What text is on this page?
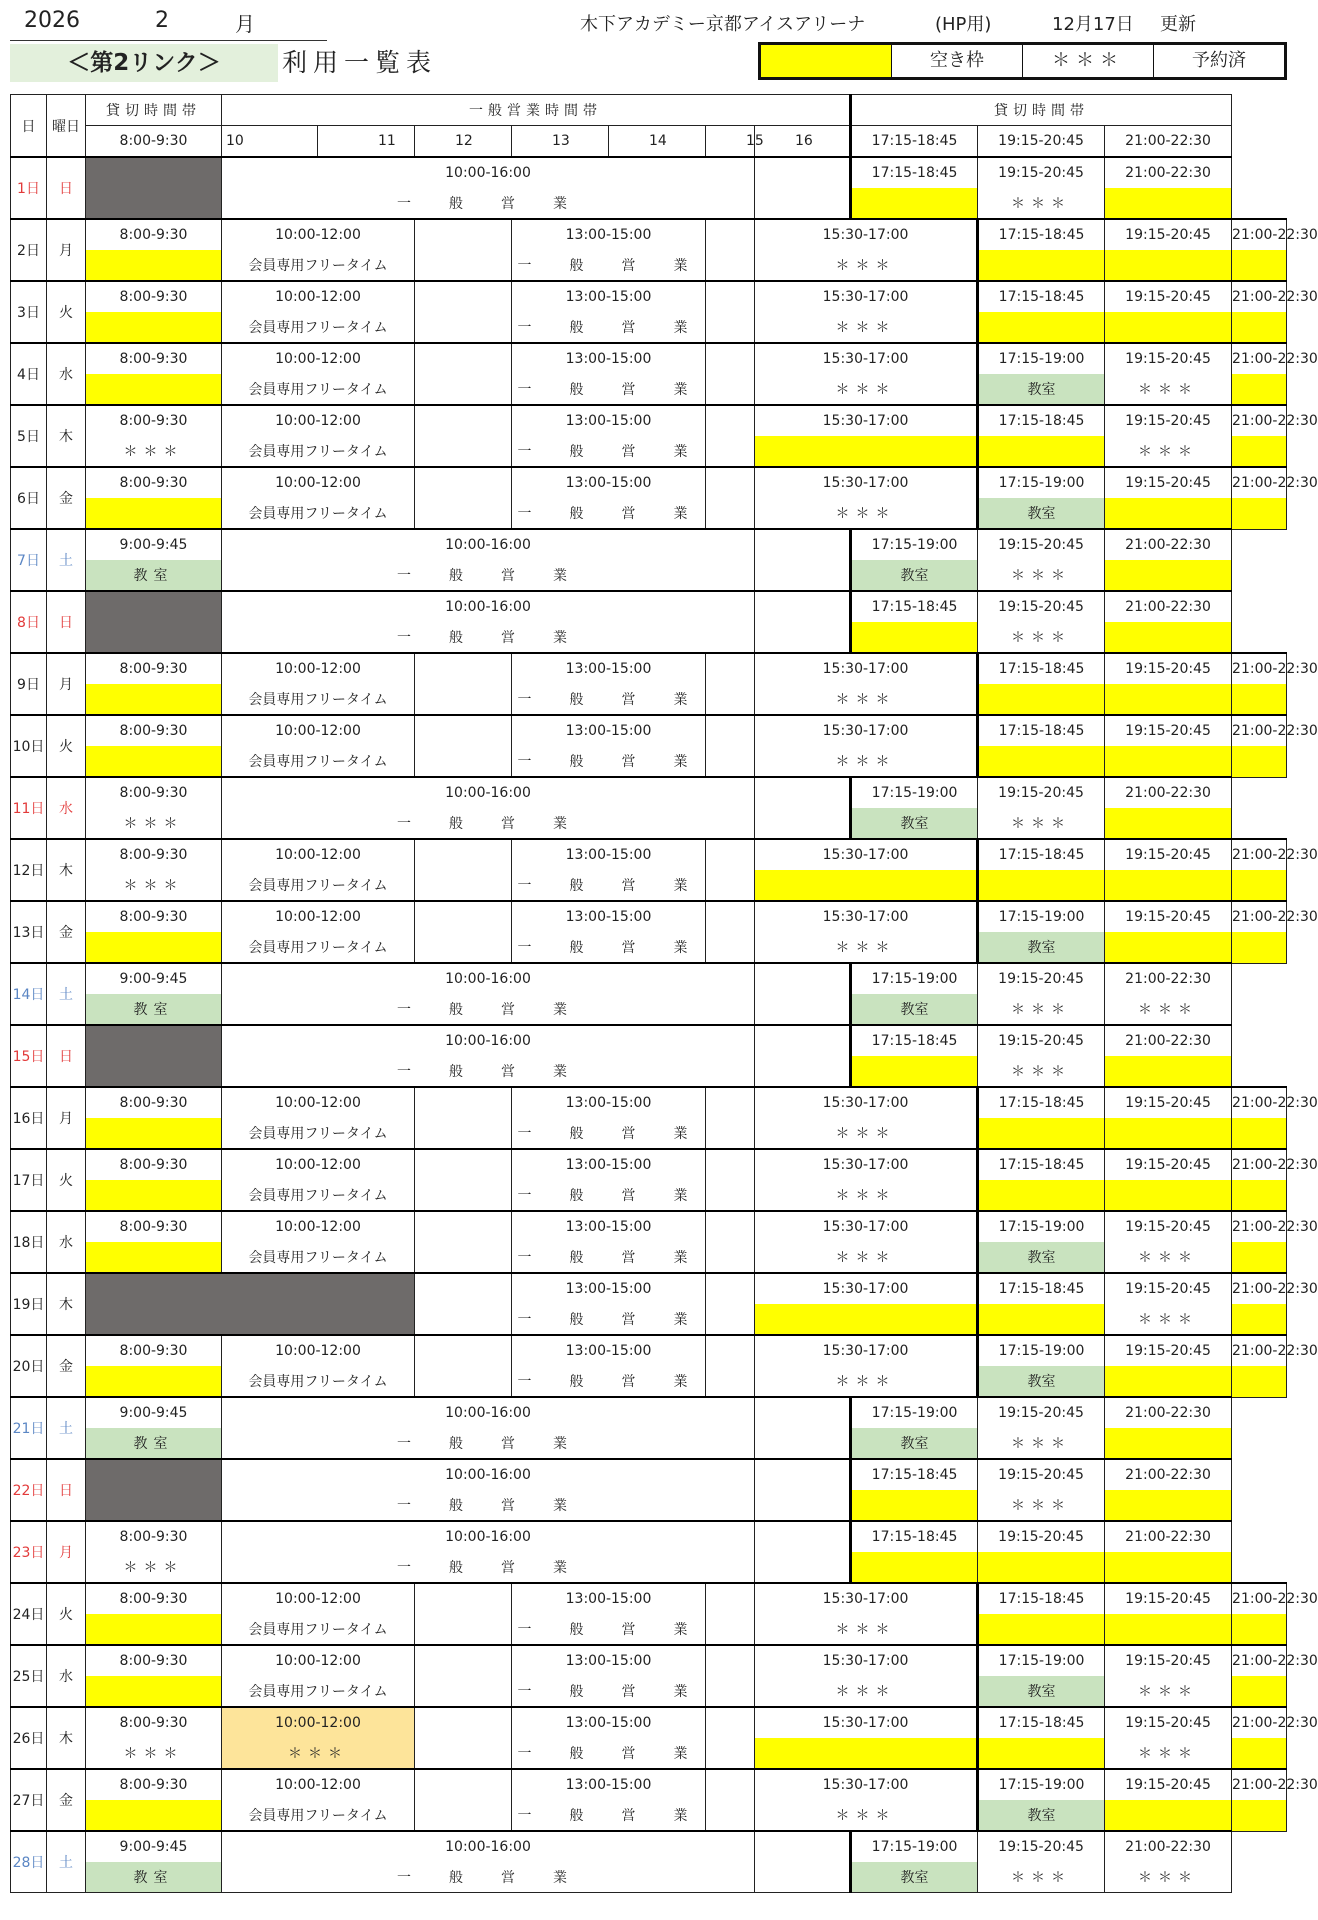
2026	2	月	木下アカデミー京都アイスアリーナ	(HP用)	12月17日 更新
＜第2リンク＞	利用一覧表	空き枠	＊＊＊	予約済
日	曜日	貸切時間帯	一般営業時間帯							貸切時間帯			
		8:00-9:30	10	11	12	13	14	15	16	17:15-18:45	19:15-20:45	21:00-22:30	
1日	日		10:00-16:00							17:15-18:45	19:15-20:45	21:00-22:30	
			一　般　営　業								＊＊＊		
2日	月	8:00-9:30	10:00-12:00			13:00-15:00			15:30-17:00		17:15-18:45	19:15-20:45	21:00-22:30
			会員専用フリータイム			一　般　営　業			＊＊＊				
3日	火	8:00-9:30	10:00-12:00			13:00-15:00			15:30-17:00		17:15-18:45	19:15-20:45	21:00-22:30
			会員専用フリータイム			一　般　営　業			＊＊＊				
4日	水	8:00-9:30	10:00-12:00			13:00-15:00			15:30-17:00		17:15-19:00	19:15-20:45	21:00-22:30
			会員専用フリータイム			一　般　営　業			＊＊＊		教室	＊＊＊	
5日	木	8:00-9:30	10:00-12:00			13:00-15:00			15:30-17:00		17:15-18:45	19:15-20:45	21:00-22:30
		＊＊＊	会員専用フリータイム			一　般　営　業						＊＊＊	
6日	金	8:00-9:30	10:00-12:00			13:00-15:00			15:30-17:00		17:15-19:00	19:15-20:45	21:00-22:30
			会員専用フリータイム			一　般　営　業			＊＊＊		教室		
7日	土	9:00-9:45	10:00-16:00							17:15-19:00	19:15-20:45	21:00-22:30	
		教室	一　般　営　業							教室	＊＊＊		
8日	日		10:00-16:00							17:15-18:45	19:15-20:45	21:00-22:30	
			一　般　営　業								＊＊＊		
9日	月	8:00-9:30	10:00-12:00			13:00-15:00			15:30-17:00		17:15-18:45	19:15-20:45	21:00-22:30
			会員専用フリータイム			一　般　営　業			＊＊＊				
10日	火	8:00-9:30	10:00-12:00			13:00-15:00			15:30-17:00		17:15-18:45	19:15-20:45	21:00-22:30
			会員専用フリータイム			一　般　営　業			＊＊＊				
11日	水	8:00-9:30	10:00-16:00							17:15-19:00	19:15-20:45	21:00-22:30	
		＊＊＊	一　般　営　業							教室	＊＊＊		
12日	木	8:00-9:30	10:00-12:00			13:00-15:00			15:30-17:00		17:15-18:45	19:15-20:45	21:00-22:30
		＊＊＊	会員専用フリータイム			一　般　営　業							
13日	金	8:00-9:30	10:00-12:00			13:00-15:00			15:30-17:00		17:15-19:00	19:15-20:45	21:00-22:30
			会員専用フリータイム			一　般　営　業			＊＊＊		教室		
14日	土	9:00-9:45	10:00-16:00							17:15-19:00	19:15-20:45	21:00-22:30	
		教室	一　般　営　業							教室	＊＊＊	＊＊＊	
15日	日		10:00-16:00							17:15-18:45	19:15-20:45	21:00-22:30	
			一　般　営　業								＊＊＊		
16日	月	8:00-9:30	10:00-12:00			13:00-15:00			15:30-17:00		17:15-18:45	19:15-20:45	21:00-22:30
			会員専用フリータイム			一　般　営　業			＊＊＊				
17日	火	8:00-9:30	10:00-12:00			13:00-15:00			15:30-17:00		17:15-18:45	19:15-20:45	21:00-22:30
			会員専用フリータイム			一　般　営　業			＊＊＊				
18日	水	8:00-9:30	10:00-12:00			13:00-15:00			15:30-17:00		17:15-19:00	19:15-20:45	21:00-22:30
			会員専用フリータイム			一　般　営　業			＊＊＊		教室	＊＊＊	
19日	木					13:00-15:00			15:30-17:00		17:15-18:45	19:15-20:45	21:00-22:30
						一　般　営　業						＊＊＊	
20日	金	8:00-9:30	10:00-12:00			13:00-15:00			15:30-17:00		17:15-19:00	19:15-20:45	21:00-22:30
			会員専用フリータイム			一　般　営　業			＊＊＊		教室		
21日	土	9:00-9:45	10:00-16:00							17:15-19:00	19:15-20:45	21:00-22:30	
		教室	一　般　営　業							教室	＊＊＊		
22日	日		10:00-16:00							17:15-18:45	19:15-20:45	21:00-22:30	
			一　般　営　業								＊＊＊		
23日	月	8:00-9:30	10:00-16:00							17:15-18:45	19:15-20:45	21:00-22:30	
		＊＊＊	一　般　営　業										
24日	火	8:00-9:30	10:00-12:00			13:00-15:00			15:30-17:00		17:15-18:45	19:15-20:45	21:00-22:30
			会員専用フリータイム			一　般　営　業			＊＊＊				
25日	水	8:00-9:30	10:00-12:00			13:00-15:00			15:30-17:00		17:15-19:00	19:15-20:45	21:00-22:30
			会員専用フリータイム			一　般　営　業			＊＊＊		教室	＊＊＊	
26日	木	8:00-9:30	10:00-12:00			13:00-15:00			15:30-17:00		17:15-18:45	19:15-20:45	21:00-22:30
		＊＊＊	＊＊＊			一　般　営　業						＊＊＊	
27日	金	8:00-9:30	10:00-12:00			13:00-15:00			15:30-17:00		17:15-19:00	19:15-20:45	21:00-22:30
			会員専用フリータイム			一　般　営　業			＊＊＊		教室		
28日	土	9:00-9:45	10:00-16:00							17:15-19:00	19:15-20:45	21:00-22:30	
		教室	一　般　営　業							教室	＊＊＊	＊＊＊	
